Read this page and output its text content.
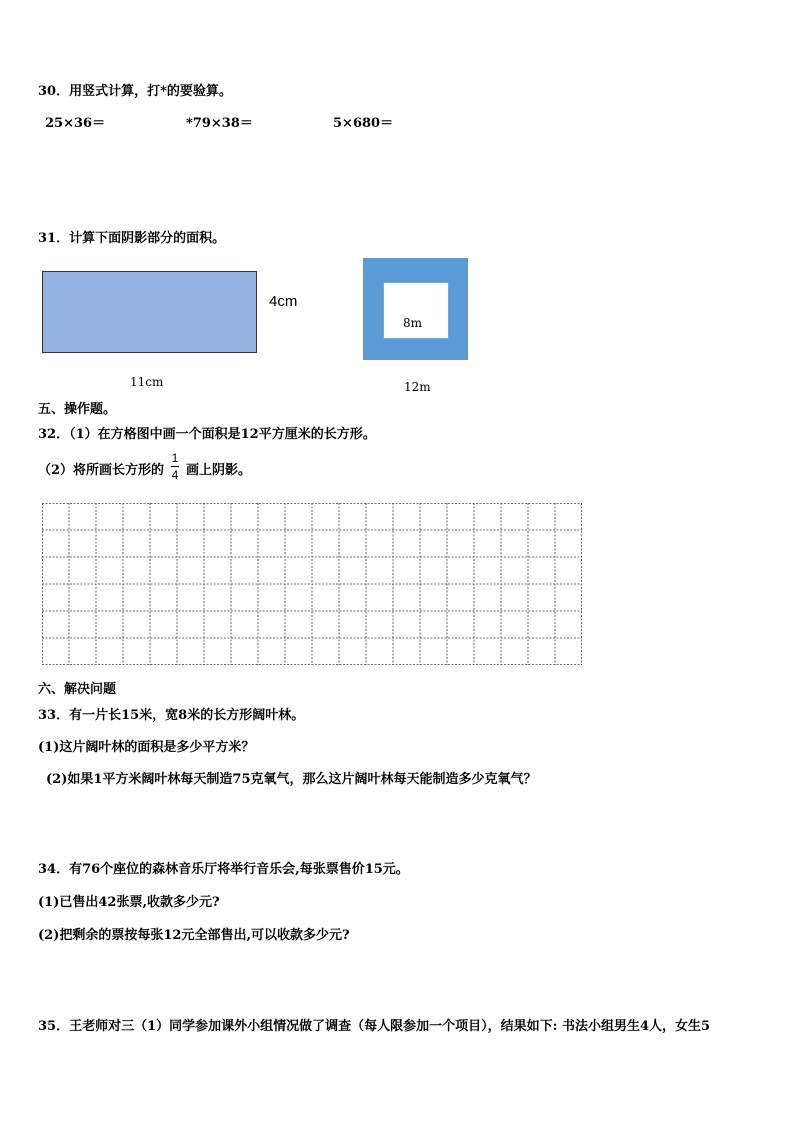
30．用竖式计算，打*的要验算。
25×36＝	*79×38＝	5×680＝
31．计算下面阴影部分的面积。
4cm
11cm
8m
12m
五、操作题。
32．（1）在方格图中画一个面积是12平方厘米的长方形。
（2）将所画长方形的
1
4 画上阴影。
六、解决问题
33．有一片长15米，宽8米的长方形阔叶林。
(1)这片阔叶林的面积是多少平方米？
(2)如果1平方米阔叶林每天制造75克氧气，那么这片阔叶林每天能制造多少克氧气？
34．有76个座位的森林音乐厅将举行音乐会,每张票售价15元。
(1)已售出42张票,收款多少元?
(2)把剩余的票按每张12元全部售出,可以收款多少元?
35．王老师对三（1）同学参加课外小组情况做了调查（每人限参加一个项目），结果如下: 书法小组男生4人，女生5
